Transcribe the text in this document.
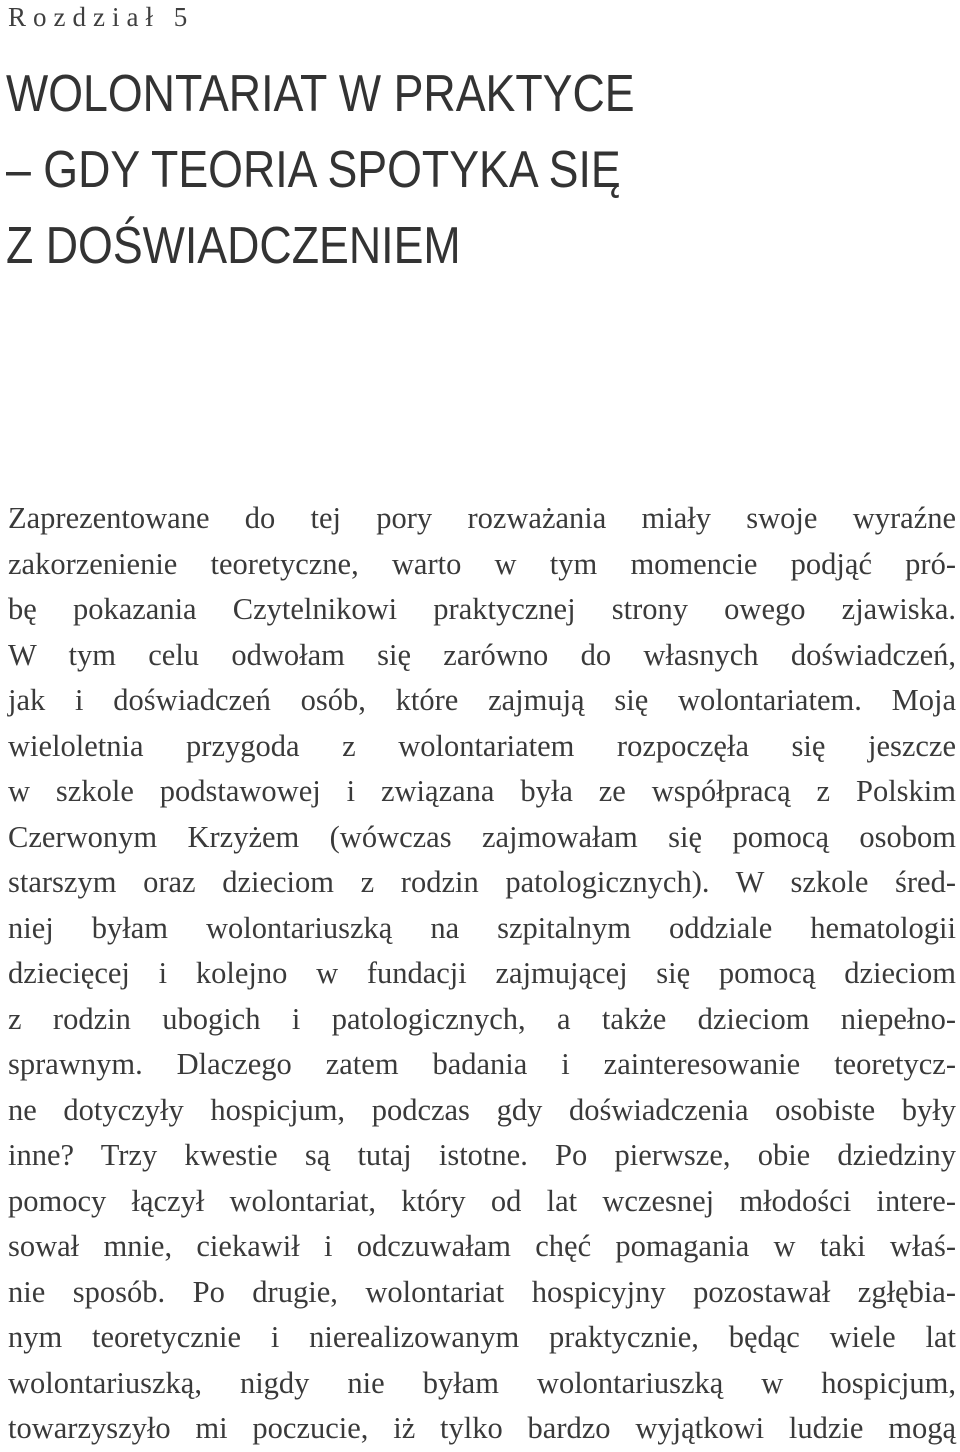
Rozdział 5
WOLONTARIAT W PRAKTYCE
– GDY TEORIA SPOTYKA SIĘ
Z DOŚWIADCZENIEM
Zaprezentowane do tej pory rozważania miały swoje wyraźne
zakorzenienie teoretyczne, warto w tym momencie podjąć pró-
bę pokazania Czytelnikowi praktycznej strony owego zjawiska.
W tym celu odwołam się zarówno do własnych doświadczeń,
jak i doświadczeń osób, które zajmują się wolontariatem. Moja
wieloletnia przygoda z wolontariatem rozpoczęła się jeszcze
w szkole podstawowej i związana była ze współpracą z Polskim
Czerwonym Krzyżem (wówczas zajmowałam się pomocą osobom
starszym oraz dzieciom z rodzin patologicznych). W szkole śred-
niej byłam wolontariuszką na szpitalnym oddziale hematologii
dziecięcej i kolejno w fundacji zajmującej się pomocą dzieciom
z rodzin ubogich i patologicznych, a także dzieciom niepełno-
sprawnym. Dlaczego zatem badania i zainteresowanie teoretycz-
ne dotyczyły hospicjum, podczas gdy doświadczenia osobiste były
inne? Trzy kwestie są tutaj istotne. Po pierwsze, obie dziedziny
pomocy łączył wolontariat, który od lat wczesnej młodości intere-
sował mnie, ciekawił i odczuwałam chęć pomagania w taki właś-
nie sposób. Po drugie, wolontariat hospicyjny pozostawał zgłębia-
nym teoretycznie i nierealizowanym praktycznie, będąc wiele lat
wolontariuszką, nigdy nie byłam wolontariuszką w hospicjum,
towarzyszyło mi poczucie, iż tylko bardzo wyjątkowi ludzie mogą
